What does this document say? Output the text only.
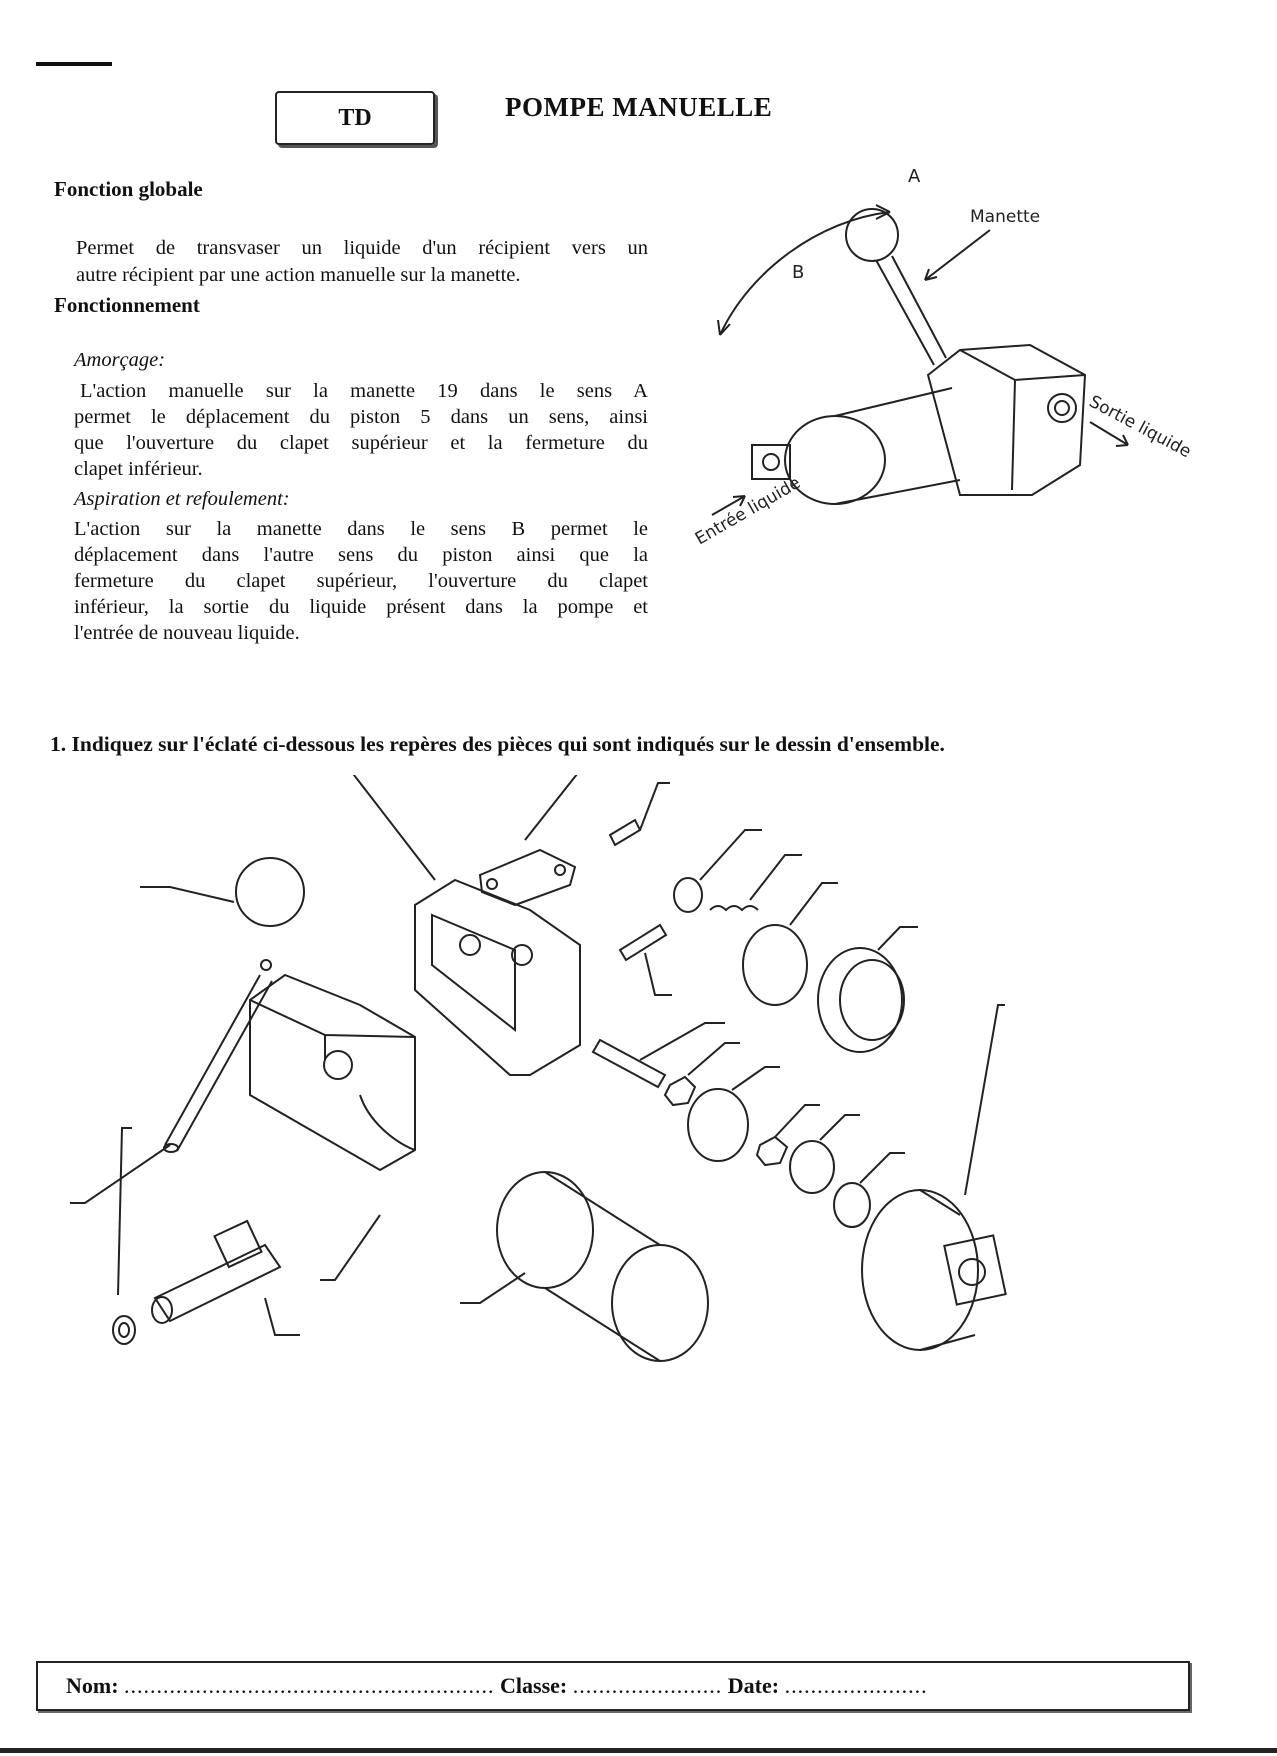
TD	POMPE MANUELLE
Fonction globale
Permet de transvaser un liquide d'un récipient vers un
autre récipient par une action manuelle sur la manette.
Fonctionnement
Amorçage:
L'action manuelle sur la manette 19 dans le sens A
permet le déplacement du piston 5 dans un sens, ainsi
que l'ouverture du clapet supérieur et la fermeture du
clapet inférieur.
Aspiration et refoulement:
L'action sur la manette dans le sens B permet le
déplacement dans l'autre sens du piston ainsi que la
fermeture du clapet supérieur, l'ouverture du clapet
inférieur, la sortie du liquide présent dans la pompe et
l'entrée de nouveau liquide.
A
B
Manette
Entrée liquide
Sortie liquide
1. Indiquez sur l'éclaté ci-dessous les repères des pièces qui sont indiqués sur le dessin d'ensemble.
Nom: ......................................................... Classe: ....................... Date: ......................
